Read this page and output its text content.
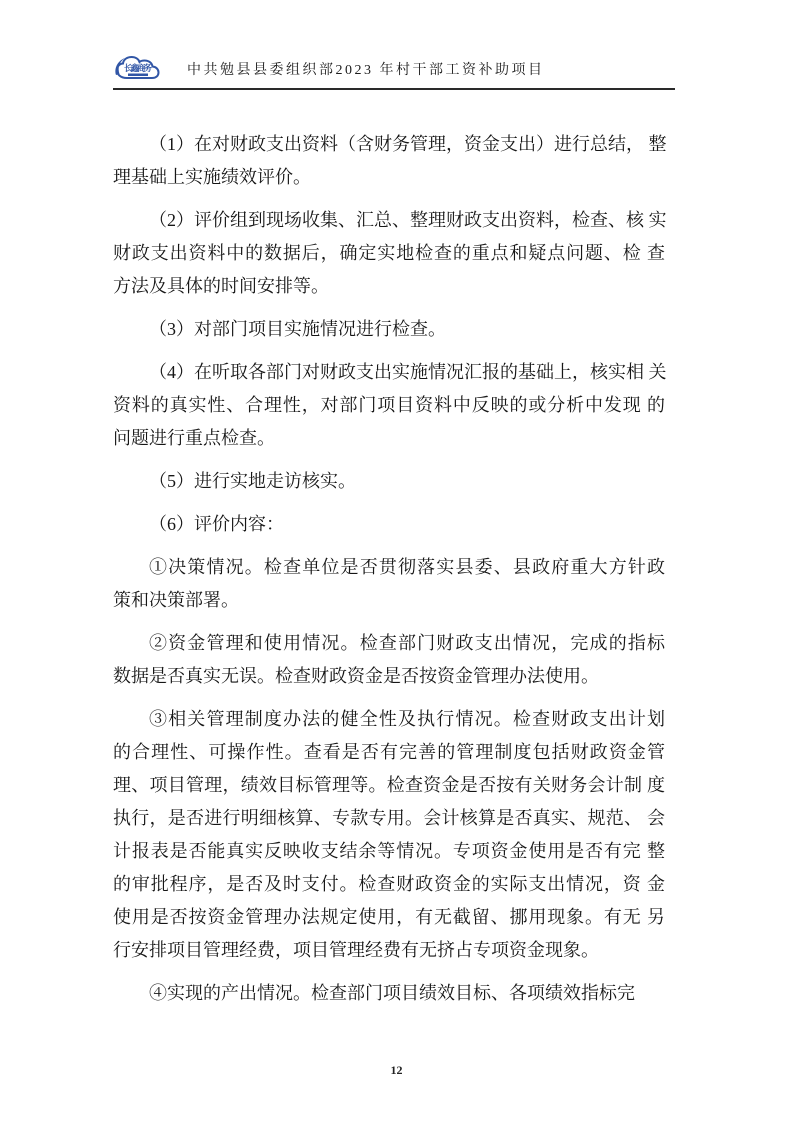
长鑫商务	中共勉县县委组织部2023 年村干部工资补助项目

（1）在对财政支出资料（含财务管理，资金支出）进行总结， 整
理基础上实施绩效评价。

（2）评价组到现场收集、汇总、整理财政支出资料，检查、核 实
财政支出资料中的数据后，确定实地检查的重点和疑点问题、检 查
方法及具体的时间安排等。

（3）对部门项目实施情况进行检查。

（4）在听取各部门对财政支出实施情况汇报的基础上，核实相 关
资料的真实性、合理性，对部门项目资料中反映的或分析中发现 的
问题进行重点检查。

（5）进行实地走访核实。

（6）评价内容：

①决策情况。检查单位是否贯彻落实县委、县政府重大方针政
策和决策部署。

②资金管理和使用情况。检查部门财政支出情况，完成的指标
数据是否真实无误。检查财政资金是否按资金管理办法使用。

③相关管理制度办法的健全性及执行情况。检查财政支出计划
的合理性、可操作性。查看是否有完善的管理制度包括财政资金管
理、项目管理，绩效目标管理等。检查资金是否按有关财务会计制 度
执行，是否进行明细核算、专款专用。会计核算是否真实、规范、 会
计报表是否能真实反映收支结余等情况。专项资金使用是否有完 整
的审批程序，是否及时支付。检查财政资金的实际支出情况，资 金
使用是否按资金管理办法规定使用，有无截留、挪用现象。有无 另
行安排项目管理经费，项目管理经费有无挤占专项资金现象。

④实现的产出情况。检查部门项目绩效目标、各项绩效指标完

12
